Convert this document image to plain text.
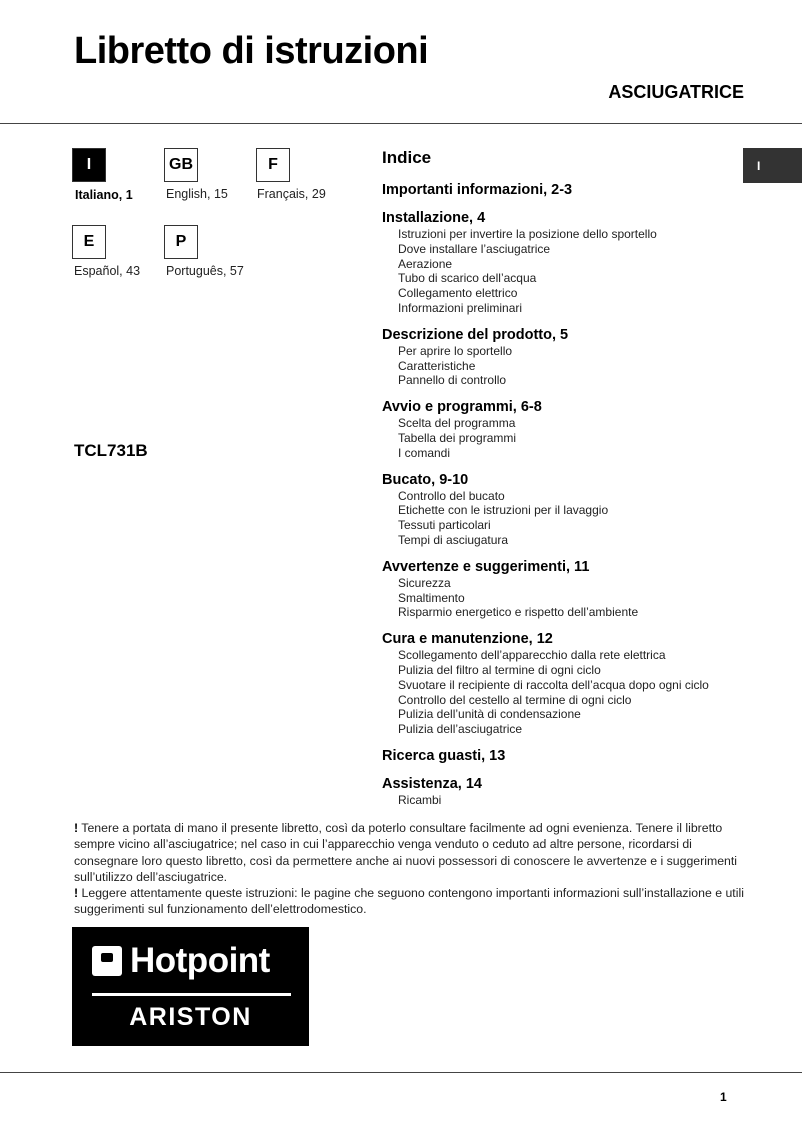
Libretto di istruzioni
ASCIUGATRICE
I
I
Italiano, 1
GB
English, 15
F
Français, 29
E
Español, 43
P
Português, 57
TCL731B
Indice
Importanti informazioni, 2-3
Installazione, 4
Istruzioni per invertire la posizione dello sportello
Dove installare l’asciugatrice
Aerazione
Tubo di scarico dell’acqua
Collegamento elettrico
Informazioni preliminari
Descrizione del prodotto, 5
Per aprire lo sportello
Caratteristiche
Pannello di controllo
Avvio e programmi, 6-8
Scelta del programma
Tabella dei programmi
I comandi
Bucato, 9-10
Controllo del bucato
Etichette con le istruzioni per il lavaggio
Tessuti particolari
Tempi di asciugatura
Avvertenze e suggerimenti, 11
Sicurezza
Smaltimento
Risparmio energetico e rispetto dell’ambiente
Cura e manutenzione, 12
Scollegamento dell’apparecchio dalla rete elettrica
Pulizia del filtro al termine di ogni ciclo
Svuotare il recipiente di raccolta dell’acqua dopo ogni ciclo
Controllo del cestello al termine di ogni ciclo
Pulizia dell’unità di condensazione
Pulizia dell’asciugatrice
Ricerca guasti, 13
Assistenza, 14
Ricambi

! Tenere a portata di mano il presente libretto, così da poterlo consultare facilmente ad ogni evenienza. Tenere il libretto sempre vicino all’asciugatrice; nel caso in cui l’apparecchio venga venduto o ceduto ad altre persone, ricordarsi di consegnare loro questo libretto, così da permettere anche ai nuovi possessori di conoscere le avvertenze e i suggerimenti sull’utilizzo dell’asciugatrice.

! Leggere attentamente queste istruzioni: le pagine che seguono contengono importanti informazioni sull’installazione e utili suggerimenti sul funzionamento dell’elettrodomestico.

Hotpoint
ARISTON
1
